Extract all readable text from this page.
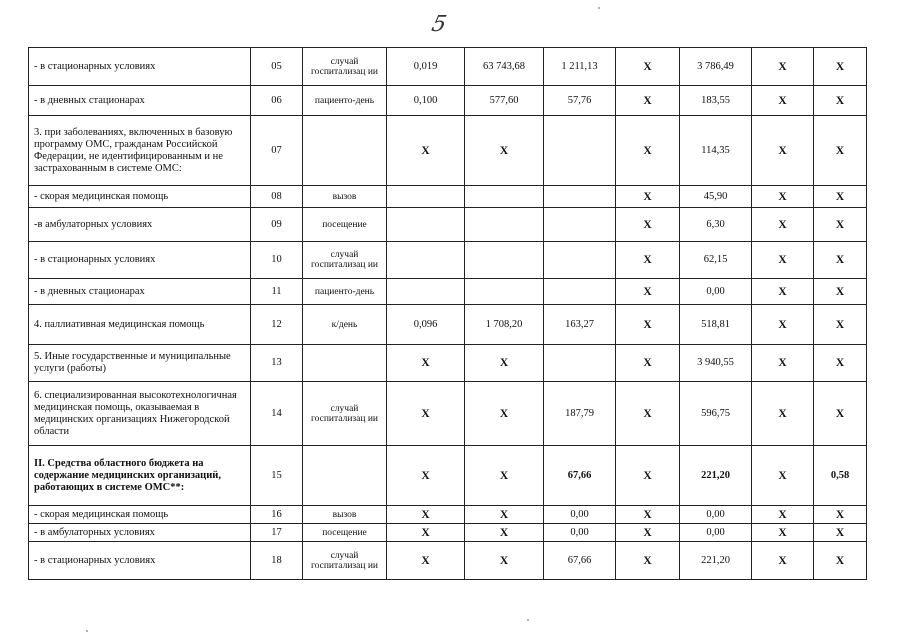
5
- в стационарных условиях	05	случай госпитализац ии	0,019	63 743,68	1 211,13	X	3 786,49	X	X
- в дневных стационарах	06	пациенто-день	0,100	577,60	57,76	X	183,55	X	X
3. при заболеваниях, включенных в базовую программу ОМС, гражданам Российской Федерации, не идентифицированным и не застрахованным в системе ОМС:	07		X	X		X	114,35	X	X
- скорая медицинская помощь	08	вызов				X	45,90	X	X
-в амбулаторных условиях	09	посещение				X	6,30	X	X
- в стационарных условиях	10	случай госпитализац ии				X	62,15	X	X
- в дневных стационарах	11	пациенто-день				X	0,00	X	X
4. паллиативная медицинская помощь	12	к/день	0,096	1 708,20	163,27	X	518,81	X	X
5. Иные государственные и муниципальные услуги (работы)	13		X	X		X	3 940,55	X	X
6. специализированная высокотехнологичная медицинская помощь, оказываемая в медицинских организациях Нижегородской области	14	случай госпитализац ии	X	X	187,79	X	596,75	X	X
II. Средства областного бюджета на содержание медицинских организаций, работающих в системе ОМС**:	15		X	X	67,66	X	221,20	X	0,58
- скорая медицинская помощь	16	вызов	X	X	0,00	X	0,00	X	X
- в амбулаторных условиях	17	посещение	X	X	0,00	X	0,00	X	X
- в стационарных условиях	18	случай госпитализац ии	X	X	67,66	X	221,20	X	X
